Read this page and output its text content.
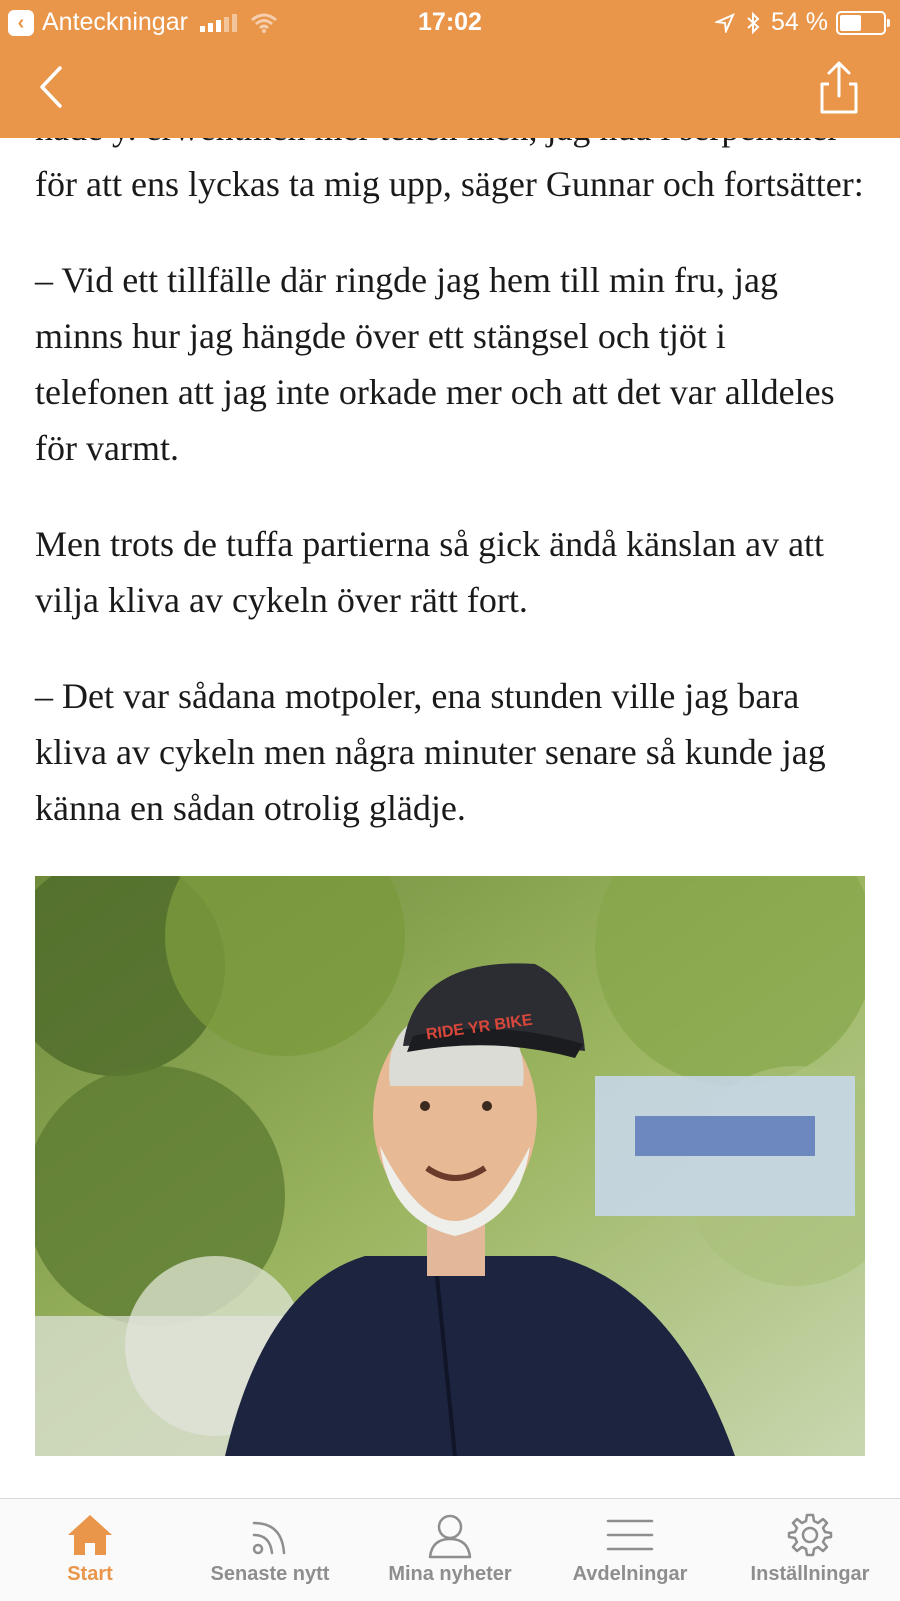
för att ens lyckas ta mig upp, säger Gunnar och fortsätter:

– Vid ett tillfälle där ringde jag hem till min fru, jag minns hur jag hängde över ett stängsel och tjöt i telefonen att jag inte orkade mer och att det var alldeles för varmt.

Men trots de tuffa partierna så gick ändå känslan av att vilja kliva av cykeln över rätt fort.

– Det var sådana motpoler, ena stunden ville jag bara kliva av cykeln men några minuter senare så kunde jag känna en sådan otrolig glädje.

RIDE YR BIKE
‹ Anteckningar	17:02	54 %
Start	Senaste nytt	Mina nyheter	Avdelningar	Inställningar
